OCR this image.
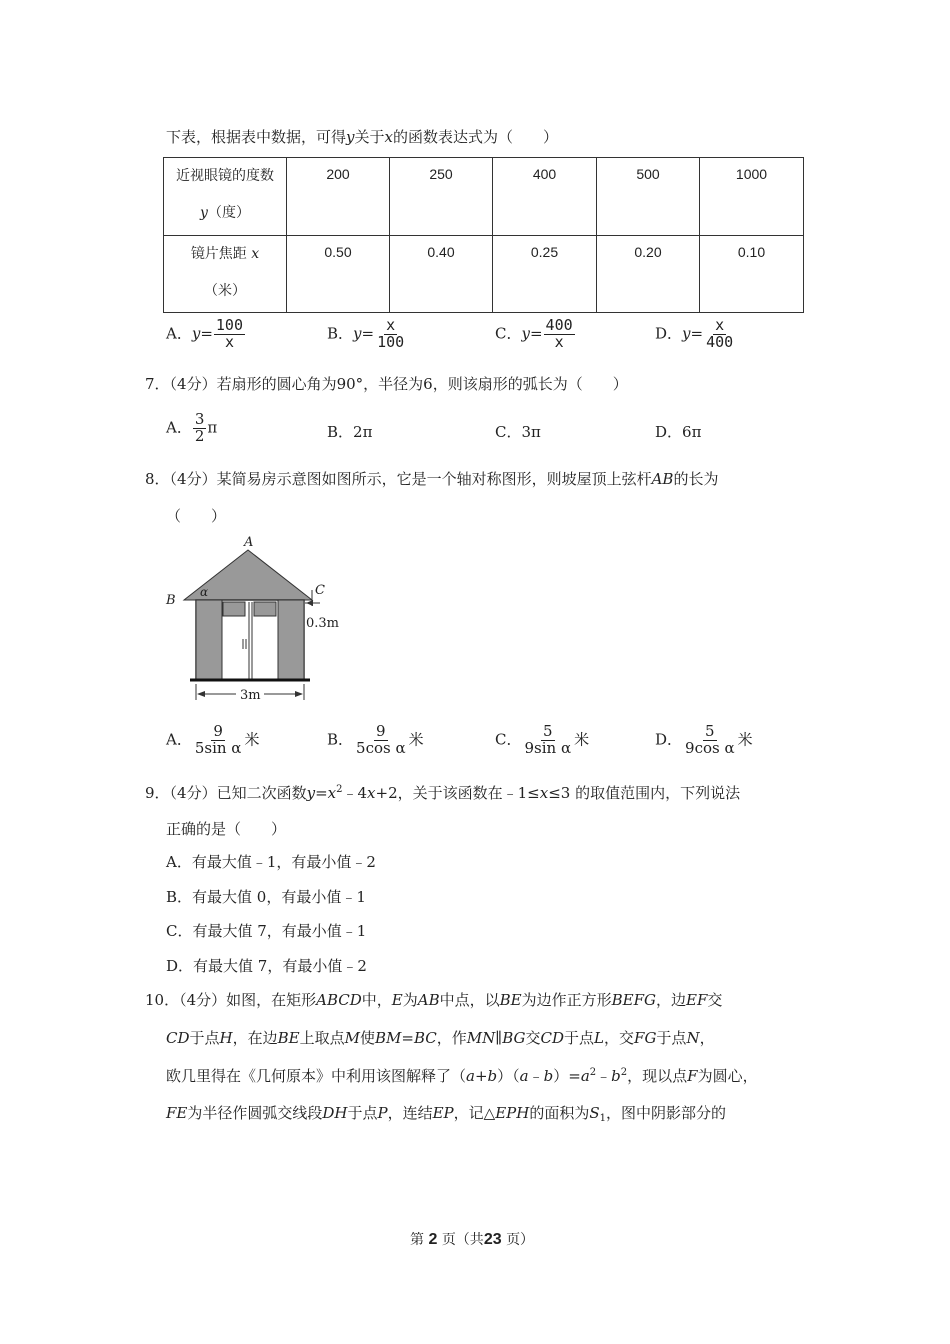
下表，根据表中数据，可得y关于x的函数表达式为（　　）
近视眼镜的度数
y（度）	200	250	400	500	1000

镜片焦距 x
（米）	0.50	0.40	0.25	0.20	0.10
A．$y= \frac{100}{x}$	B．$y= \frac{x}{100}$	C．$y= \frac{400}{x}$	D．$y= \frac{x}{400}$
7．（4分）若扇形的圆心角为90°，半径为6，则该扇形的弧长为（　　）
A． $\frac{3}{2}$ π	B．2π	C．3π	D．6π
8．（4分）某简易房示意图如图所示，它是一个轴对称图形，则坡屋顶上弦杆AB的长为
（　　）
A
B
C
α
0.3m
3m
A． $\frac{9}{\text{5sin α}}$ 米	B． $\frac{9}{\text{5cos α}}$ 米	C． $\frac{5}{\text{9sin α}}$ 米	D． $\frac{5}{\text{9cos α}}$ 米
9．（4分）已知二次函数$y=x^2﹣4x+2$，关于该函数在﹣1≤x≤3 的取值范围内，下列说法
正确的是（　　）
A．有最大值﹣1，有最小值﹣2
B．有最大值 0，有最小值﹣1
C．有最大值 7，有最小值﹣1
D．有最大值 7，有最小值﹣2
10．（4分）如图，在矩形ABCD中，E为AB中点，以BE为边作正方形BEFG，边EF交
CD于点H，在边BE上取点M使BM=BC，作MN∥BG交CD于点L，交FG于点N，
欧几里得在《几何原本》中利用该图解释了$(a+b)(a﹣b)=a^2﹣b^2$，现以点F为圆心，
FE为半径作圆弧交线段DH于点P，连结EP，记△EPH的面积为$S_1$，图中阴影部分的
第 2 页（共23 页）
